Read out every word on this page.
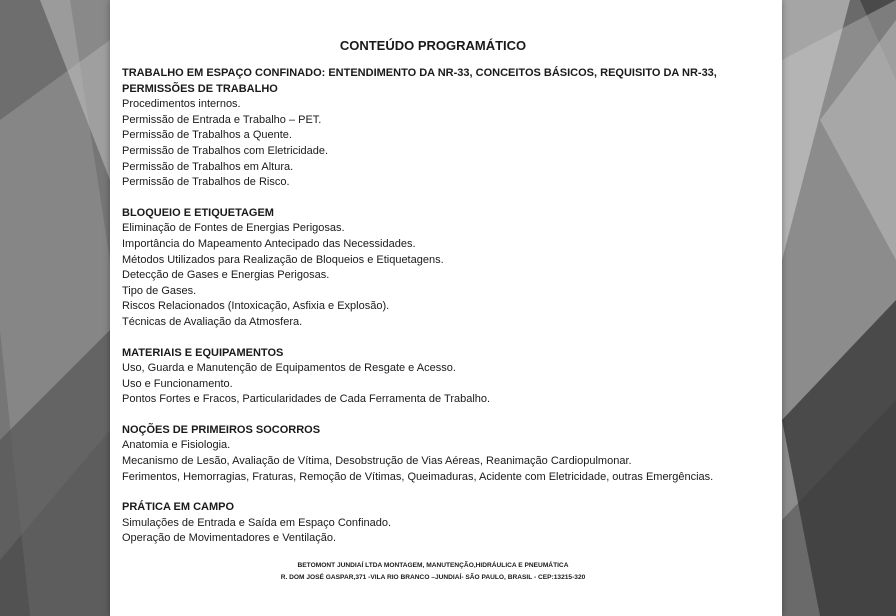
CONTEÚDO PROGRAMÁTICO
TRABALHO EM ESPAÇO CONFINADO: ENTENDIMENTO DA NR-33, CONCEITOS BÁSICOS, REQUISITO DA NR-33, PERMISSÕES DE TRABALHO
Procedimentos internos.
Permissão de Entrada e Trabalho – PET.
Permissão de Trabalhos a Quente.
Permissão de Trabalhos com Eletricidade.
Permissão de Trabalhos em Altura.
Permissão de Trabalhos de Risco.
BLOQUEIO E ETIQUETAGEM
Eliminação de Fontes de Energias Perigosas.
Importância do Mapeamento Antecipado das Necessidades.
Métodos Utilizados para Realização de Bloqueios e Etiquetagens.
Detecção de Gases e Energias Perigosas.
Tipo de Gases.
Riscos Relacionados (Intoxicação, Asfixia e Explosão).
Técnicas de Avaliação da Atmosfera.
MATERIAIS E EQUIPAMENTOS
Uso, Guarda e Manutenção de Equipamentos de Resgate e Acesso.
Uso e Funcionamento.
Pontos Fortes e Fracos, Particularidades de Cada Ferramenta de Trabalho.
NOÇÕES DE PRIMEIROS SOCORROS
Anatomia e Fisiologia.
Mecanismo de Lesão, Avaliação de Vítima, Desobstrução de Vias Aéreas, Reanimação Cardiopulmonar.
Ferimentos, Hemorragias, Fraturas, Remoção de Vítimas, Queimaduras, Acidente com Eletricidade, outras Emergências.
PRÁTICA EM CAMPO
Simulações de Entrada e Saída em Espaço Confinado.
Operação de Movimentadores e Ventilação.
BETOMONT JUNDIAÍ LTDA MONTAGEM, MANUTENÇÃO,HIDRÁULICA E PNEUMÁTICA
R. DOM JOSÉ GASPAR,371 -VILA RIO BRANCO –JUNDIAÍ- SÃO PAULO, BRASIL - CEP:13215-320
